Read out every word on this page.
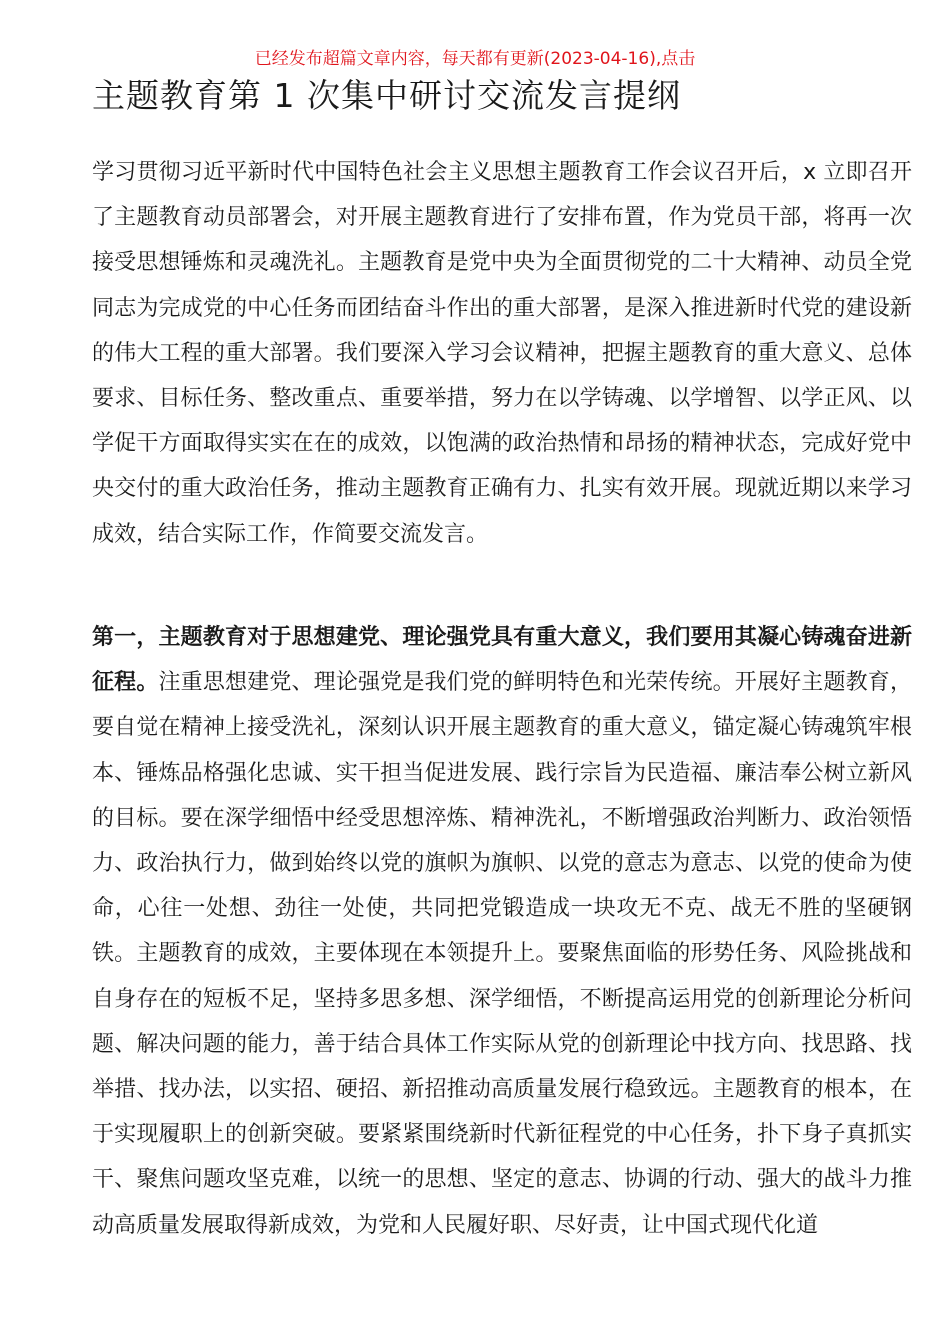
已经发布超篇文章内容，每天都有更新(2023-04-16),点击
主题教育第 1 次集中研讨交流发言提纲

学习贯彻习近平新时代中国特色社会主义思想主题教育工作会议召开后，x 立即召开了主题教育动员部署会，对开展主题教育进行了安排布置，作为党员干部，将再一次接受思想锤炼和灵魂洗礼。主题教育是党中央为全面贯彻党的二十大精神、动员全党同志为完成党的中心任务而团结奋斗作出的重大部署，是深入推进新时代党的建设新的伟大工程的重大部署。我们要深入学习会议精神，把握主题教育的重大意义、总体要求、目标任务、整改重点、重要举措，努力在以学铸魂、以学增智、以学正风、以学促干方面取得实实在在的成效，以饱满的政治热情和昂扬的精神状态，完成好党中央交付的重大政治任务，推动主题教育正确有力、扎实有效开展。现就近期以来学习成效，结合实际工作，作简要交流发言。

第一，主题教育对于思想建党、理论强党具有重大意义，我们要用其凝心铸魂奋进新征程。注重思想建党、理论强党是我们党的鲜明特色和光荣传统。开展好主题教育，要自觉在精神上接受洗礼，深刻认识开展主题教育的重大意义，锚定凝心铸魂筑牢根本、锤炼品格强化忠诚、实干担当促进发展、践行宗旨为民造福、廉洁奉公树立新风的目标。要在深学细悟中经受思想淬炼、精神洗礼，不断增强政治判断力、政治领悟力、政治执行力，做到始终以党的旗帜为旗帜、以党的意志为意志、以党的使命为使命，心往一处想、劲往一处使，共同把党锻造成一块攻无不克、战无不胜的坚硬钢铁。主题教育的成效，主要体现在本领提升上。要聚焦面临的形势任务、风险挑战和自身存在的短板不足，坚持多思多想、深学细悟，不断提高运用党的创新理论分析问题、解决问题的能力，善于结合具体工作实际从党的创新理论中找方向、找思路、找举措、找办法，以实招、硬招、新招推动高质量发展行稳致远。主题教育的根本，在于实现履职上的创新突破。要紧紧围绕新时代新征程党的中心任务，扑下身子真抓实干、聚焦问题攻坚克难，以统一的思想、坚定的意志、协调的行动、强大的战斗力推动高质量发展取得新成效，为党和人民履好职、尽好责，让中国式现代化道
